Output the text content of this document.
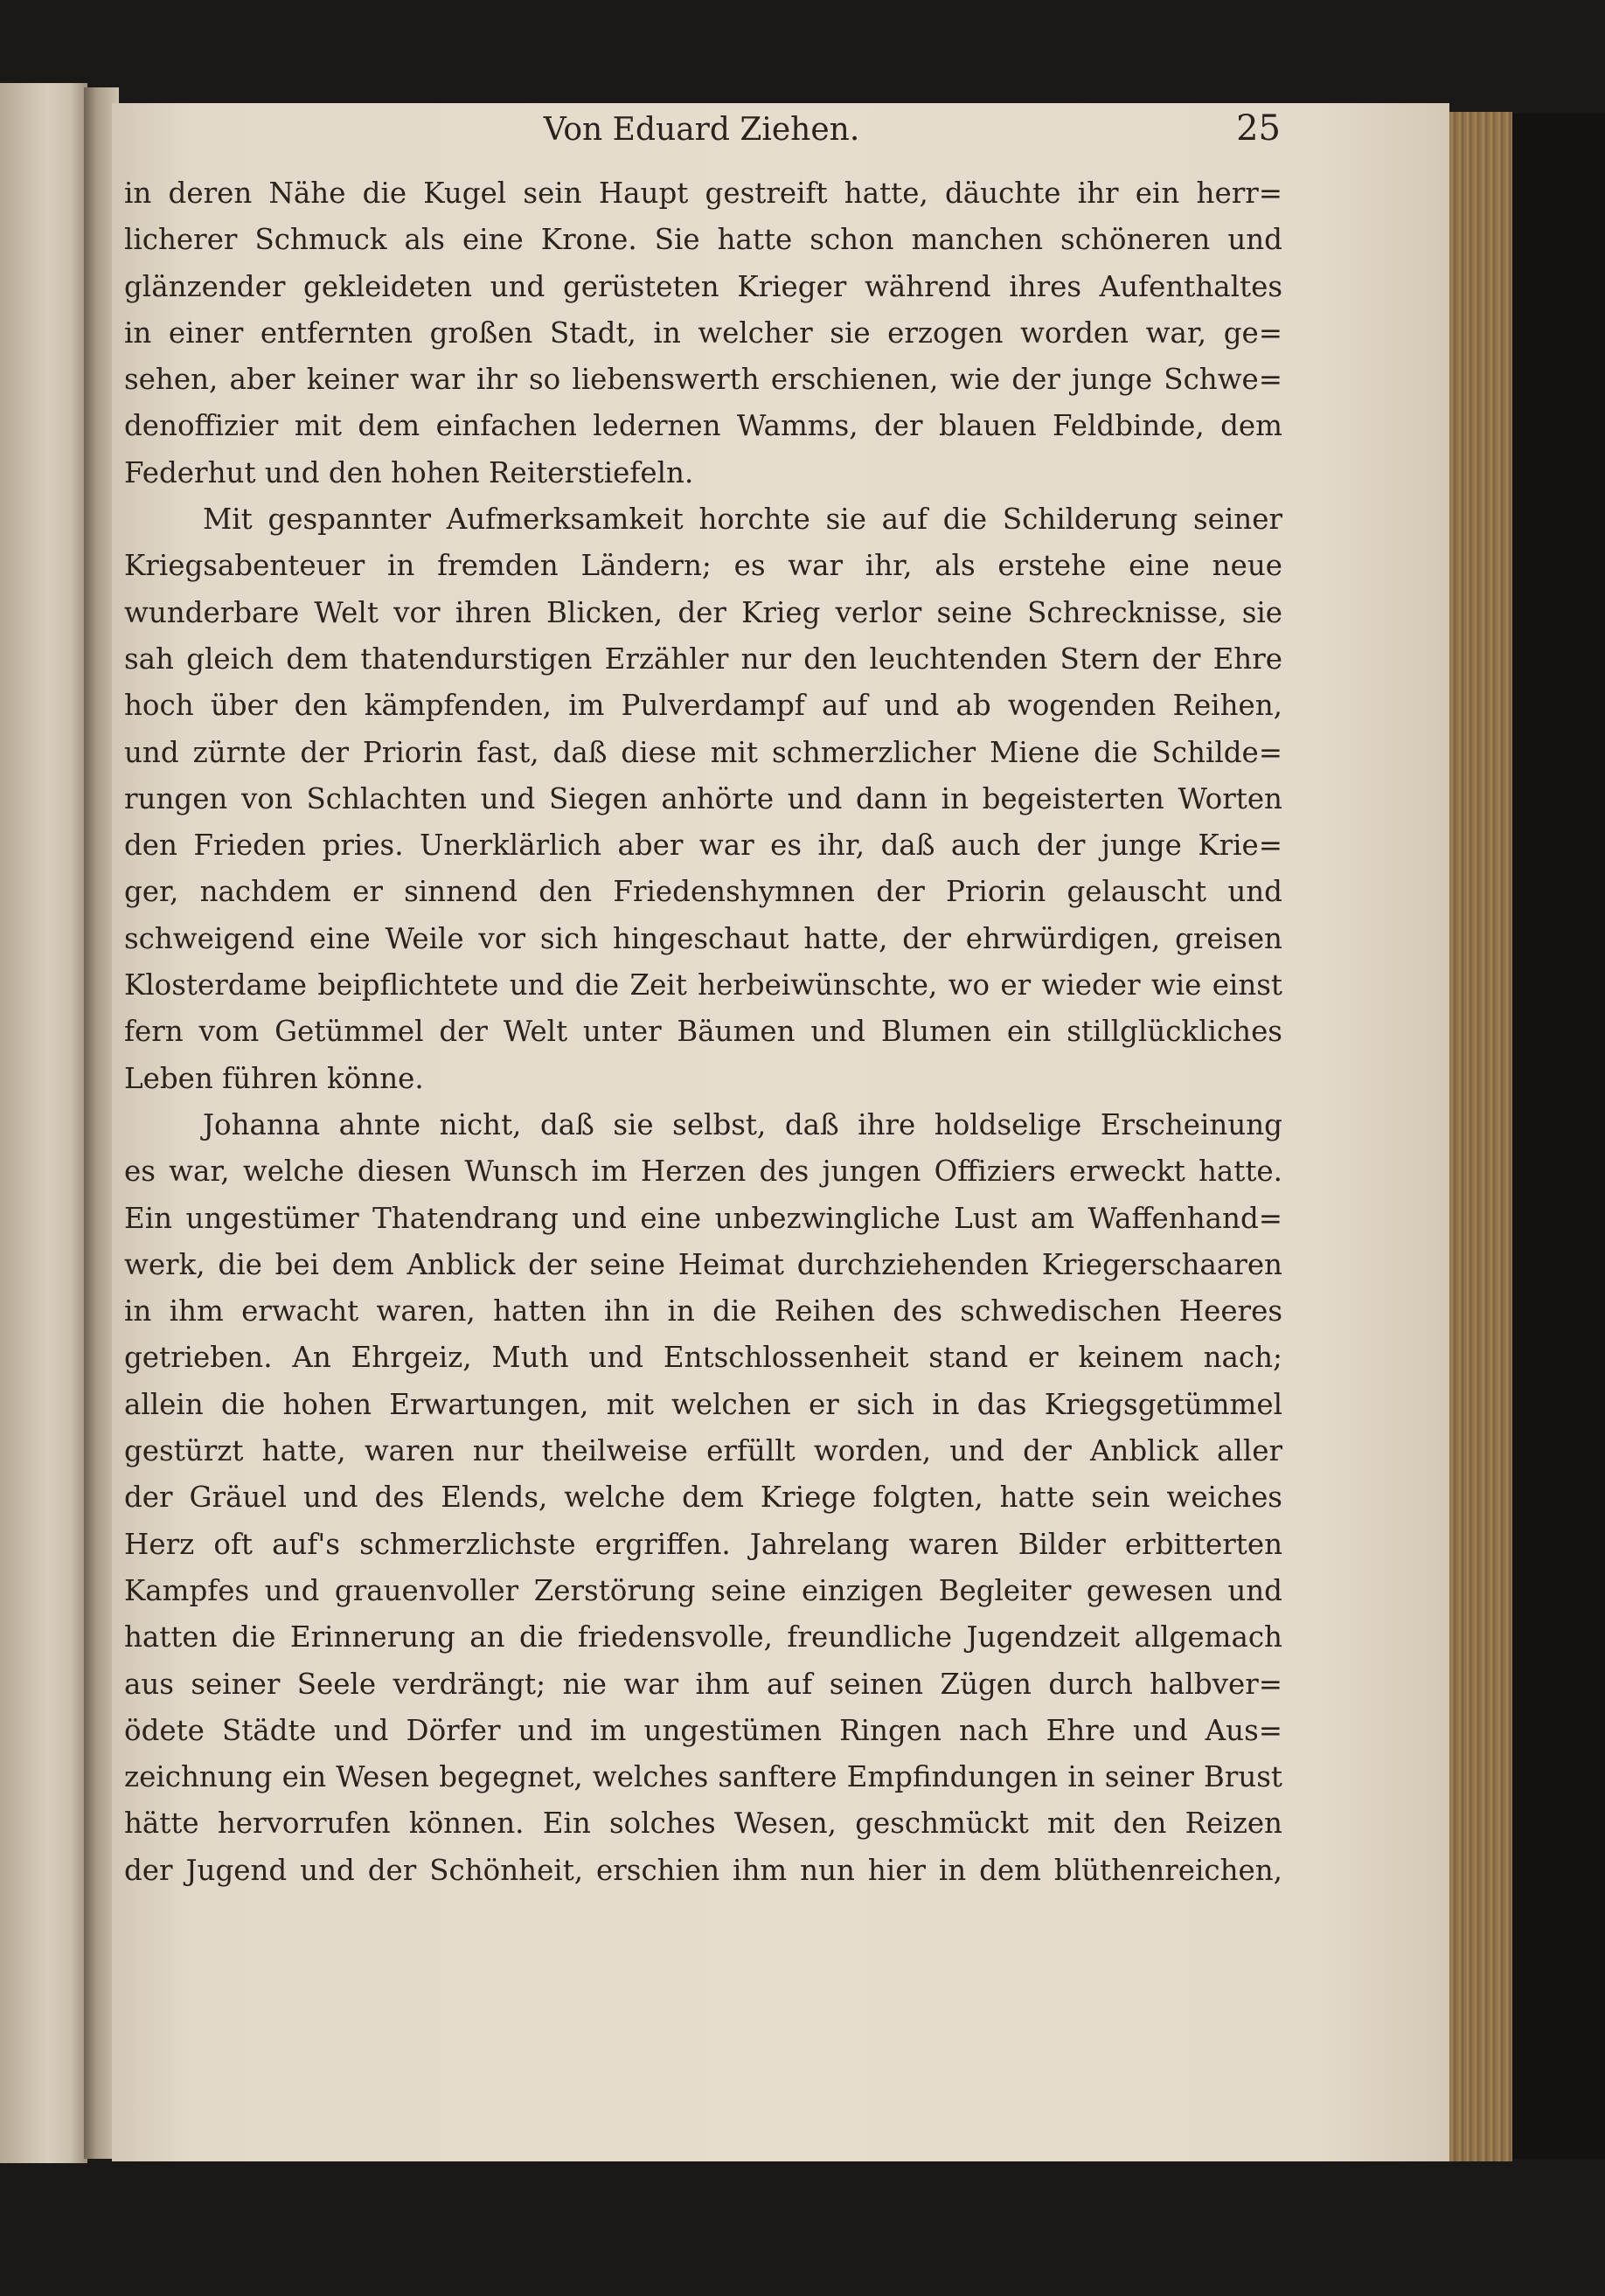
Von Eduard Ziehen.	25
in deren Nähe die Kugel sein Haupt gestreift hatte, däuchte ihr ein herr=
licherer Schmuck als eine Krone. Sie hatte schon manchen schöneren und
glänzender gekleideten und gerüsteten Krieger während ihres Aufenthaltes
in einer entfernten großen Stadt, in welcher sie erzogen worden war, ge=
sehen, aber keiner war ihr so liebenswerth erschienen, wie der junge Schwe=
denoffizier mit dem einfachen ledernen Wamms, der blauen Feldbinde, dem
Federhut und den hohen Reiterstiefeln.
Mit gespannter Aufmerksamkeit horchte sie auf die Schilderung seiner
Kriegsabenteuer in fremden Ländern; es war ihr, als erstehe eine neue
wunderbare Welt vor ihren Blicken, der Krieg verlor seine Schrecknisse, sie
sah gleich dem thatendurstigen Erzähler nur den leuchtenden Stern der Ehre
hoch über den kämpfenden, im Pulverdampf auf und ab wogenden Reihen,
und zürnte der Priorin fast, daß diese mit schmerzlicher Miene die Schilde=
rungen von Schlachten und Siegen anhörte und dann in begeisterten Worten
den Frieden pries. Unerklärlich aber war es ihr, daß auch der junge Krie=
ger, nachdem er sinnend den Friedenshymnen der Priorin gelauscht und
schweigend eine Weile vor sich hingeschaut hatte, der ehrwürdigen, greisen
Klosterdame beipflichtete und die Zeit herbeiwünschte, wo er wieder wie einst
fern vom Getümmel der Welt unter Bäumen und Blumen ein stillglückliches
Leben führen könne.
Johanna ahnte nicht, daß sie selbst, daß ihre holdselige Erscheinung
es war, welche diesen Wunsch im Herzen des jungen Offiziers erweckt hatte.
Ein ungestümer Thatendrang und eine unbezwingliche Lust am Waffenhand=
werk, die bei dem Anblick der seine Heimat durchziehenden Kriegerschaaren
in ihm erwacht waren, hatten ihn in die Reihen des schwedischen Heeres
getrieben. An Ehrgeiz, Muth und Entschlossenheit stand er keinem nach;
allein die hohen Erwartungen, mit welchen er sich in das Kriegsgetümmel
gestürzt hatte, waren nur theilweise erfüllt worden, und der Anblick aller
der Gräuel und des Elends, welche dem Kriege folgten, hatte sein weiches
Herz oft auf's schmerzlichste ergriffen. Jahrelang waren Bilder erbitterten
Kampfes und grauenvoller Zerstörung seine einzigen Begleiter gewesen und
hatten die Erinnerung an die friedensvolle, freundliche Jugendzeit allgemach
aus seiner Seele verdrängt; nie war ihm auf seinen Zügen durch halbver=
ödete Städte und Dörfer und im ungestümen Ringen nach Ehre und Aus=
zeichnung ein Wesen begegnet, welches sanftere Empfindungen in seiner Brust
hätte hervorrufen können. Ein solches Wesen, geschmückt mit den Reizen
der Jugend und der Schönheit, erschien ihm nun hier in dem blüthenreichen,
